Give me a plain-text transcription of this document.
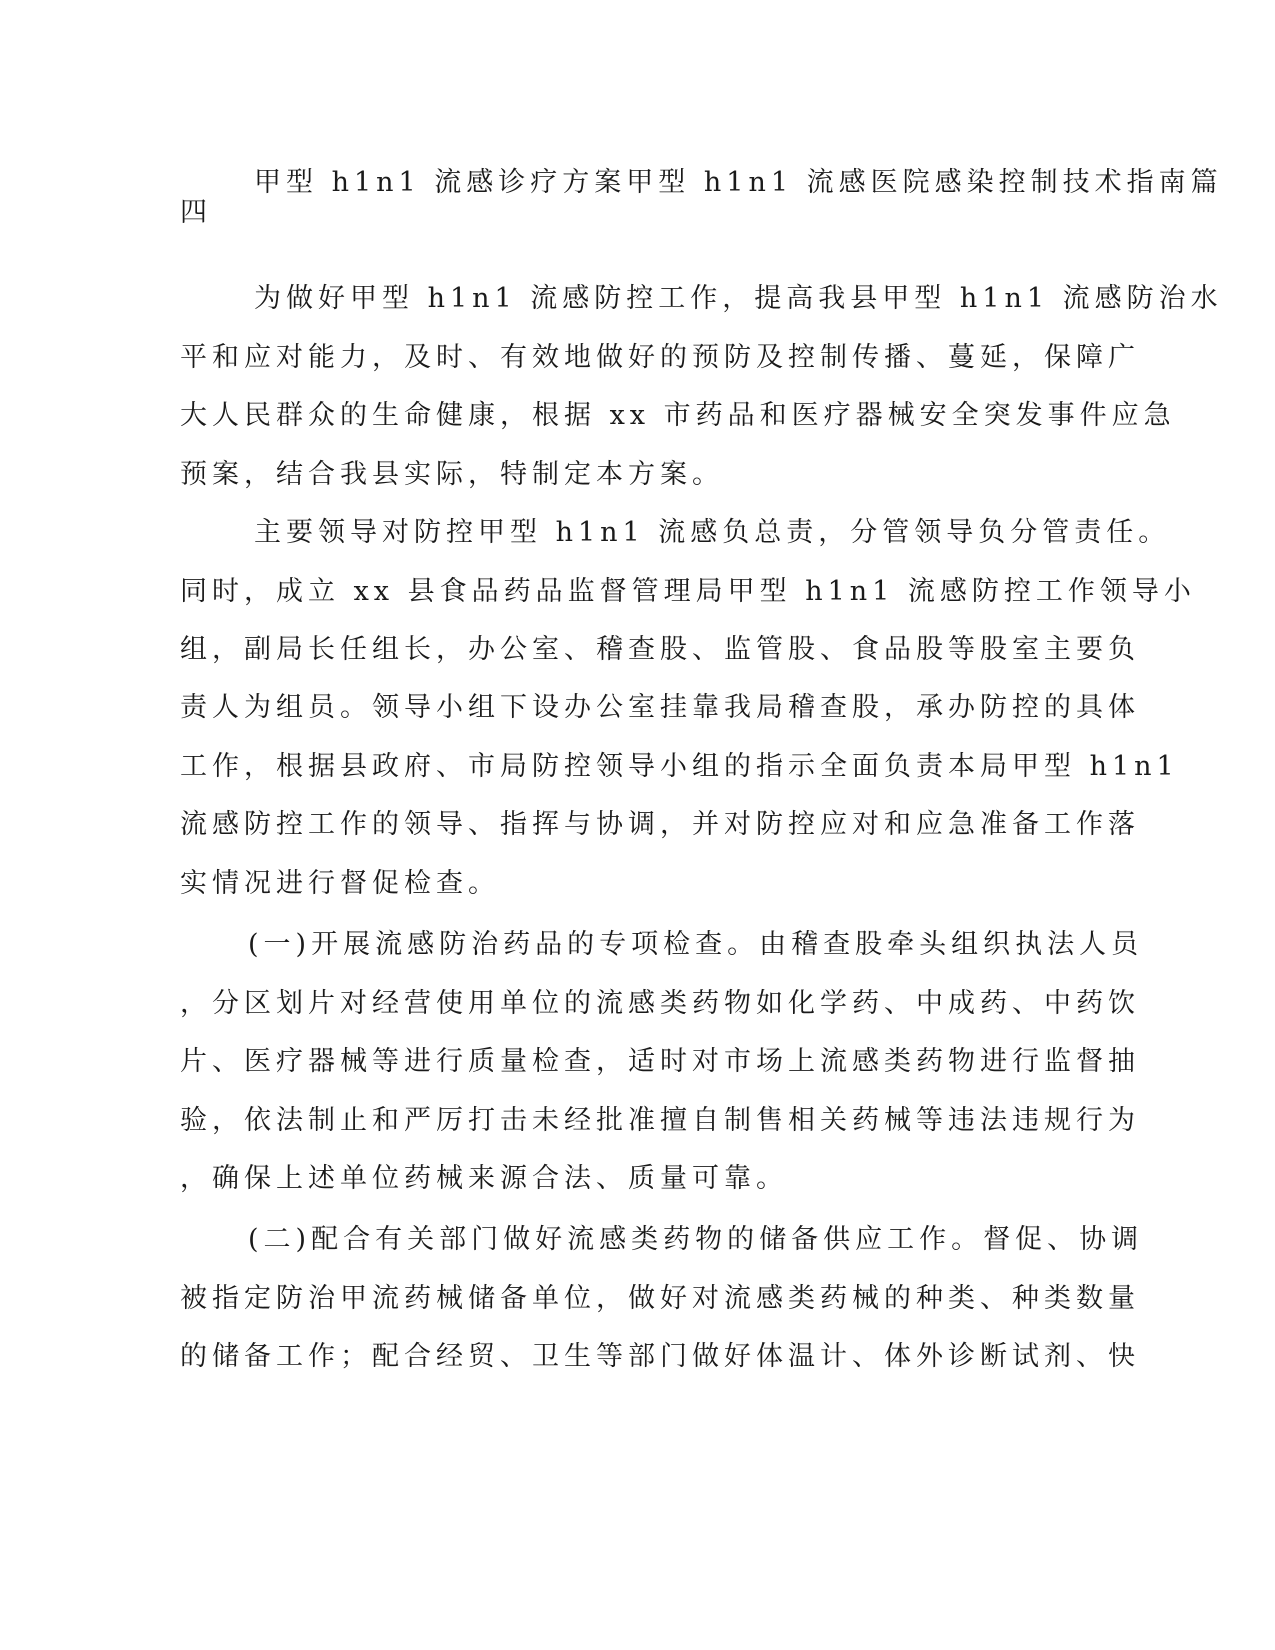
甲型 h1n1 流感诊疗方案甲型 h1n1 流感医院感染控制技术指南篇
四
为做好甲型 h1n1 流感防控工作，提高我县甲型 h1n1 流感防治水
平和应对能力，及时、有效地做好的预防及控制传播、蔓延，保障广
大人民群众的生命健康，根据 xx 市药品和医疗器械安全突发事件应急
预案，结合我县实际，特制定本方案。
主要领导对防控甲型 h1n1 流感负总责，分管领导负分管责任。
同时，成立 xx 县食品药品监督管理局甲型 h1n1 流感防控工作领导小
组，副局长任组长，办公室、稽查股、监管股、食品股等股室主要负
责人为组员。领导小组下设办公室挂靠我局稽查股，承办防控的具体
工作，根据县政府、市局防控领导小组的指示全面负责本局甲型 h1n1
流感防控工作的领导、指挥与协调，并对防控应对和应急准备工作落
实情况进行督促检查。
(一)开展流感防治药品的专项检查。由稽查股牵头组织执法人员
，分区划片对经营使用单位的流感类药物如化学药、中成药、中药饮
片、医疗器械等进行质量检查，适时对市场上流感类药物进行监督抽
验，依法制止和严厉打击未经批准擅自制售相关药械等违法违规行为
，确保上述单位药械来源合法、质量可靠。
(二)配合有关部门做好流感类药物的储备供应工作。督促、协调
被指定防治甲流药械储备单位，做好对流感类药械的种类、种类数量
的储备工作；配合经贸、卫生等部门做好体温计、体外诊断试剂、快
